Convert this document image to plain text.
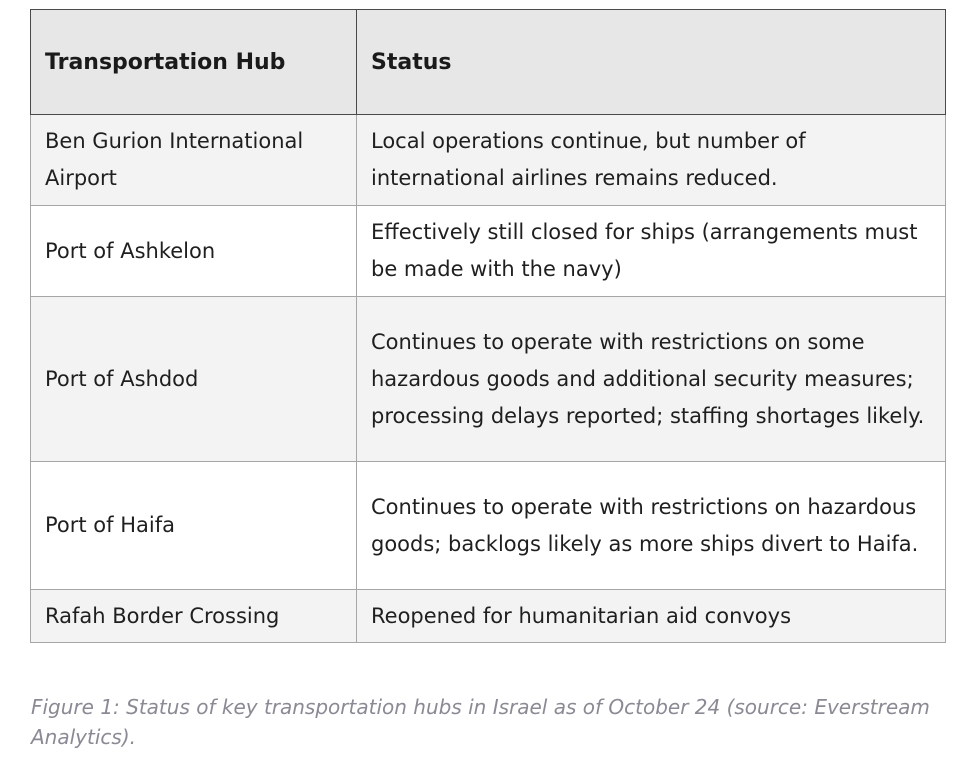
Transportation Hub	Status
Ben Gurion International Airport	Local operations continue, but number of international airlines remains reduced.
Port of Ashkelon	Effectively still closed for ships (arrangements must be made with the navy)
Port of Ashdod	Continues to operate with restrictions on some hazardous goods and additional security measures; processing delays reported; staffing shortages likely.
Port of Haifa	Continues to operate with restrictions on hazardous goods; backlogs likely as more ships divert to Haifa.
Rafah Border Crossing	Reopened for humanitarian aid convoys

Figure 1: Status of key transportation hubs in Israel as of October 24 (source: Everstream Analytics).
